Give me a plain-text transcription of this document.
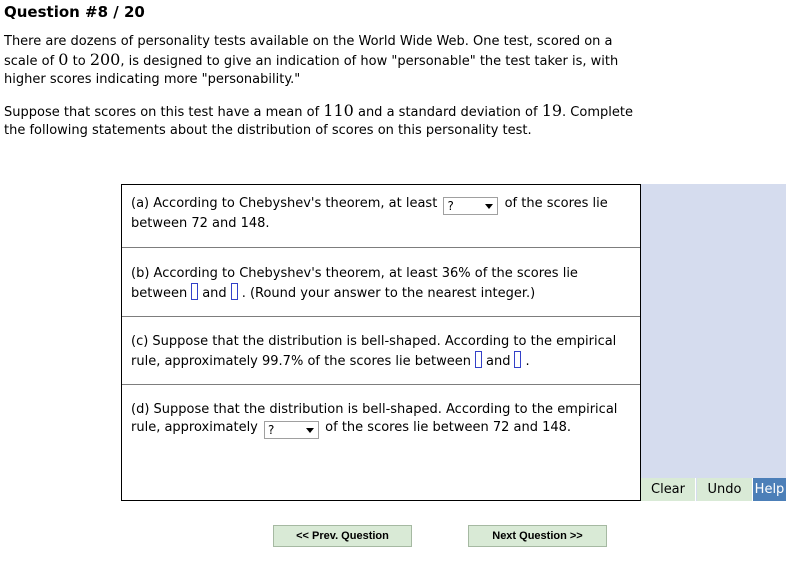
Question #8 / 20
There are dozens of personality tests available on the World Wide Web. One test, scored on a
scale of 0 to 200, is designed to give an indication of how "personable" the test taker is, with
higher scores indicating more "personability."
Suppose that scores on this test have a mean of 110 and a standard deviation of 19. Complete
the following statements about the distribution of scores on this personality test.
(a) According to Chebyshev's theorem, at least ?	of the scores lie
between 72 and 148.
(b) According to Chebyshev's theorem, at least 36% of the scores lie
between and . (Round your answer to the nearest integer.)
(c) Suppose that the distribution is bell-shaped. According to the empirical
rule, approximately 99.7% of the scores lie between and .
(d) Suppose that the distribution is bell-shaped. According to the empirical
rule, approximately ?	of the scores lie between 72 and 148.
Clear	Undo	Help
<< Prev. Question	Next Question >>
